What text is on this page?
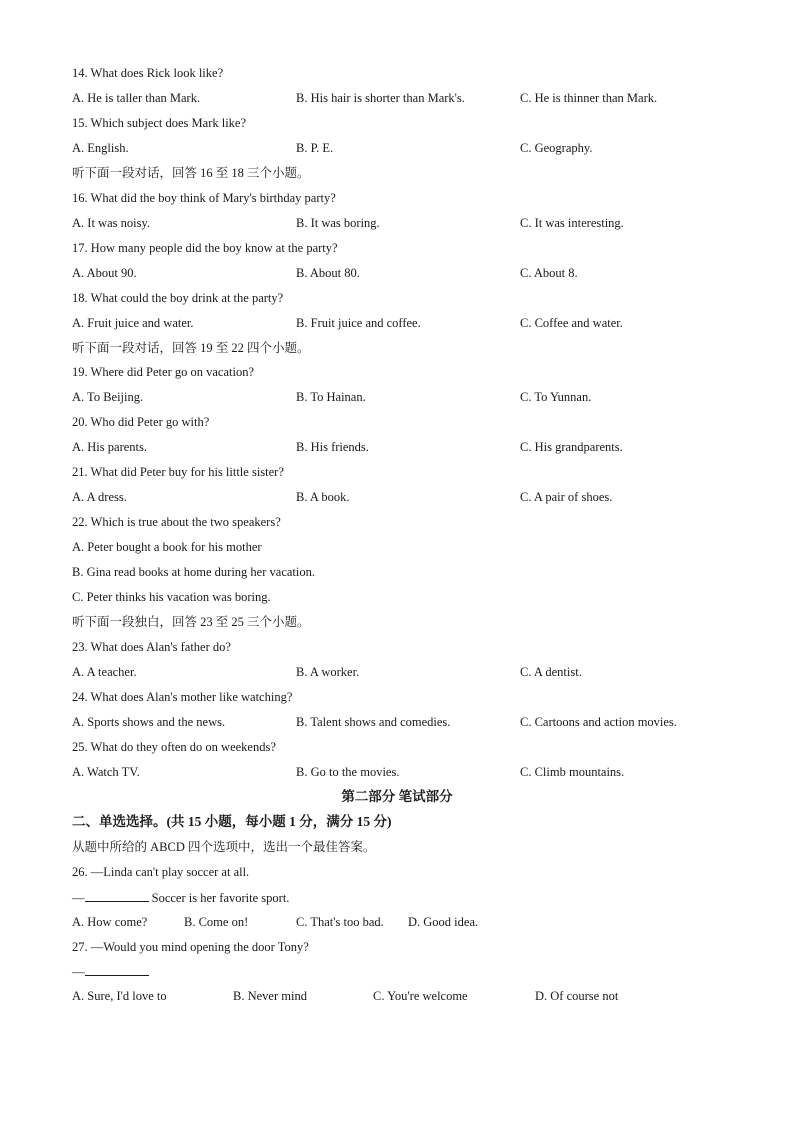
14. What does Rick look like?
A. He is taller than Mark.	B. His hair is shorter than Mark's.	C. He is thinner than Mark.
15. Which subject does Mark like?
A. English.	B. P. E.	C. Geography.
听下面一段对话，回答 16 至 18 三个小题。
16. What did the boy think of Mary's birthday party?
A. It was noisy.	B. It was boring.	C. It was interesting.
17. How many people did the boy know at the party?
A. About 90.	B. About 80.	C. About 8.
18. What could the boy drink at the party?
A. Fruit juice and water.	B. Fruit juice and coffee.	C. Coffee and water.
听下面一段对话，回答 19 至 22 四个小题。
19. Where did Peter go on vacation?
A. To Beijing.	B. To Hainan.	C. To Yunnan.
20. Who did Peter go with?
A. His parents.	B. His friends.	C. His grandparents.
21. What did Peter buy for his little sister?
A. A dress.	B. A book.	C. A pair of shoes.
22. Which is true about the two speakers?
A. Peter bought a book for his mother
B. Gina read books at home during her vacation.
C. Peter thinks his vacation was boring.
听下面一段独白，回答 23 至 25 三个小题。
23. What does Alan's father do?
A. A teacher.	B. A worker.	C. A dentist.
24. What does Alan's mother like watching?
A. Sports shows and the news.	B. Talent shows and comedies.	C. Cartoons and action movies.
25. What do they often do on weekends?
A. Watch TV.	B. Go to the movies.	C. Climb mountains.
第二部分 笔试部分
二、单选选择。(共 15 小题，每小题 1 分，满分 15 分)
从题中所给的 ABCD 四个选项中，选出一个最佳答案。
26. —Linda can't play soccer at all.
—	Soccer is her favorite sport.
A. How come?	B. Come on!	C. That's too bad. D. Good idea.
27. —Would you mind opening the door Tony?
—
A. Sure, I'd love to	B. Never mind	C. You're welcome	D. Of course not
